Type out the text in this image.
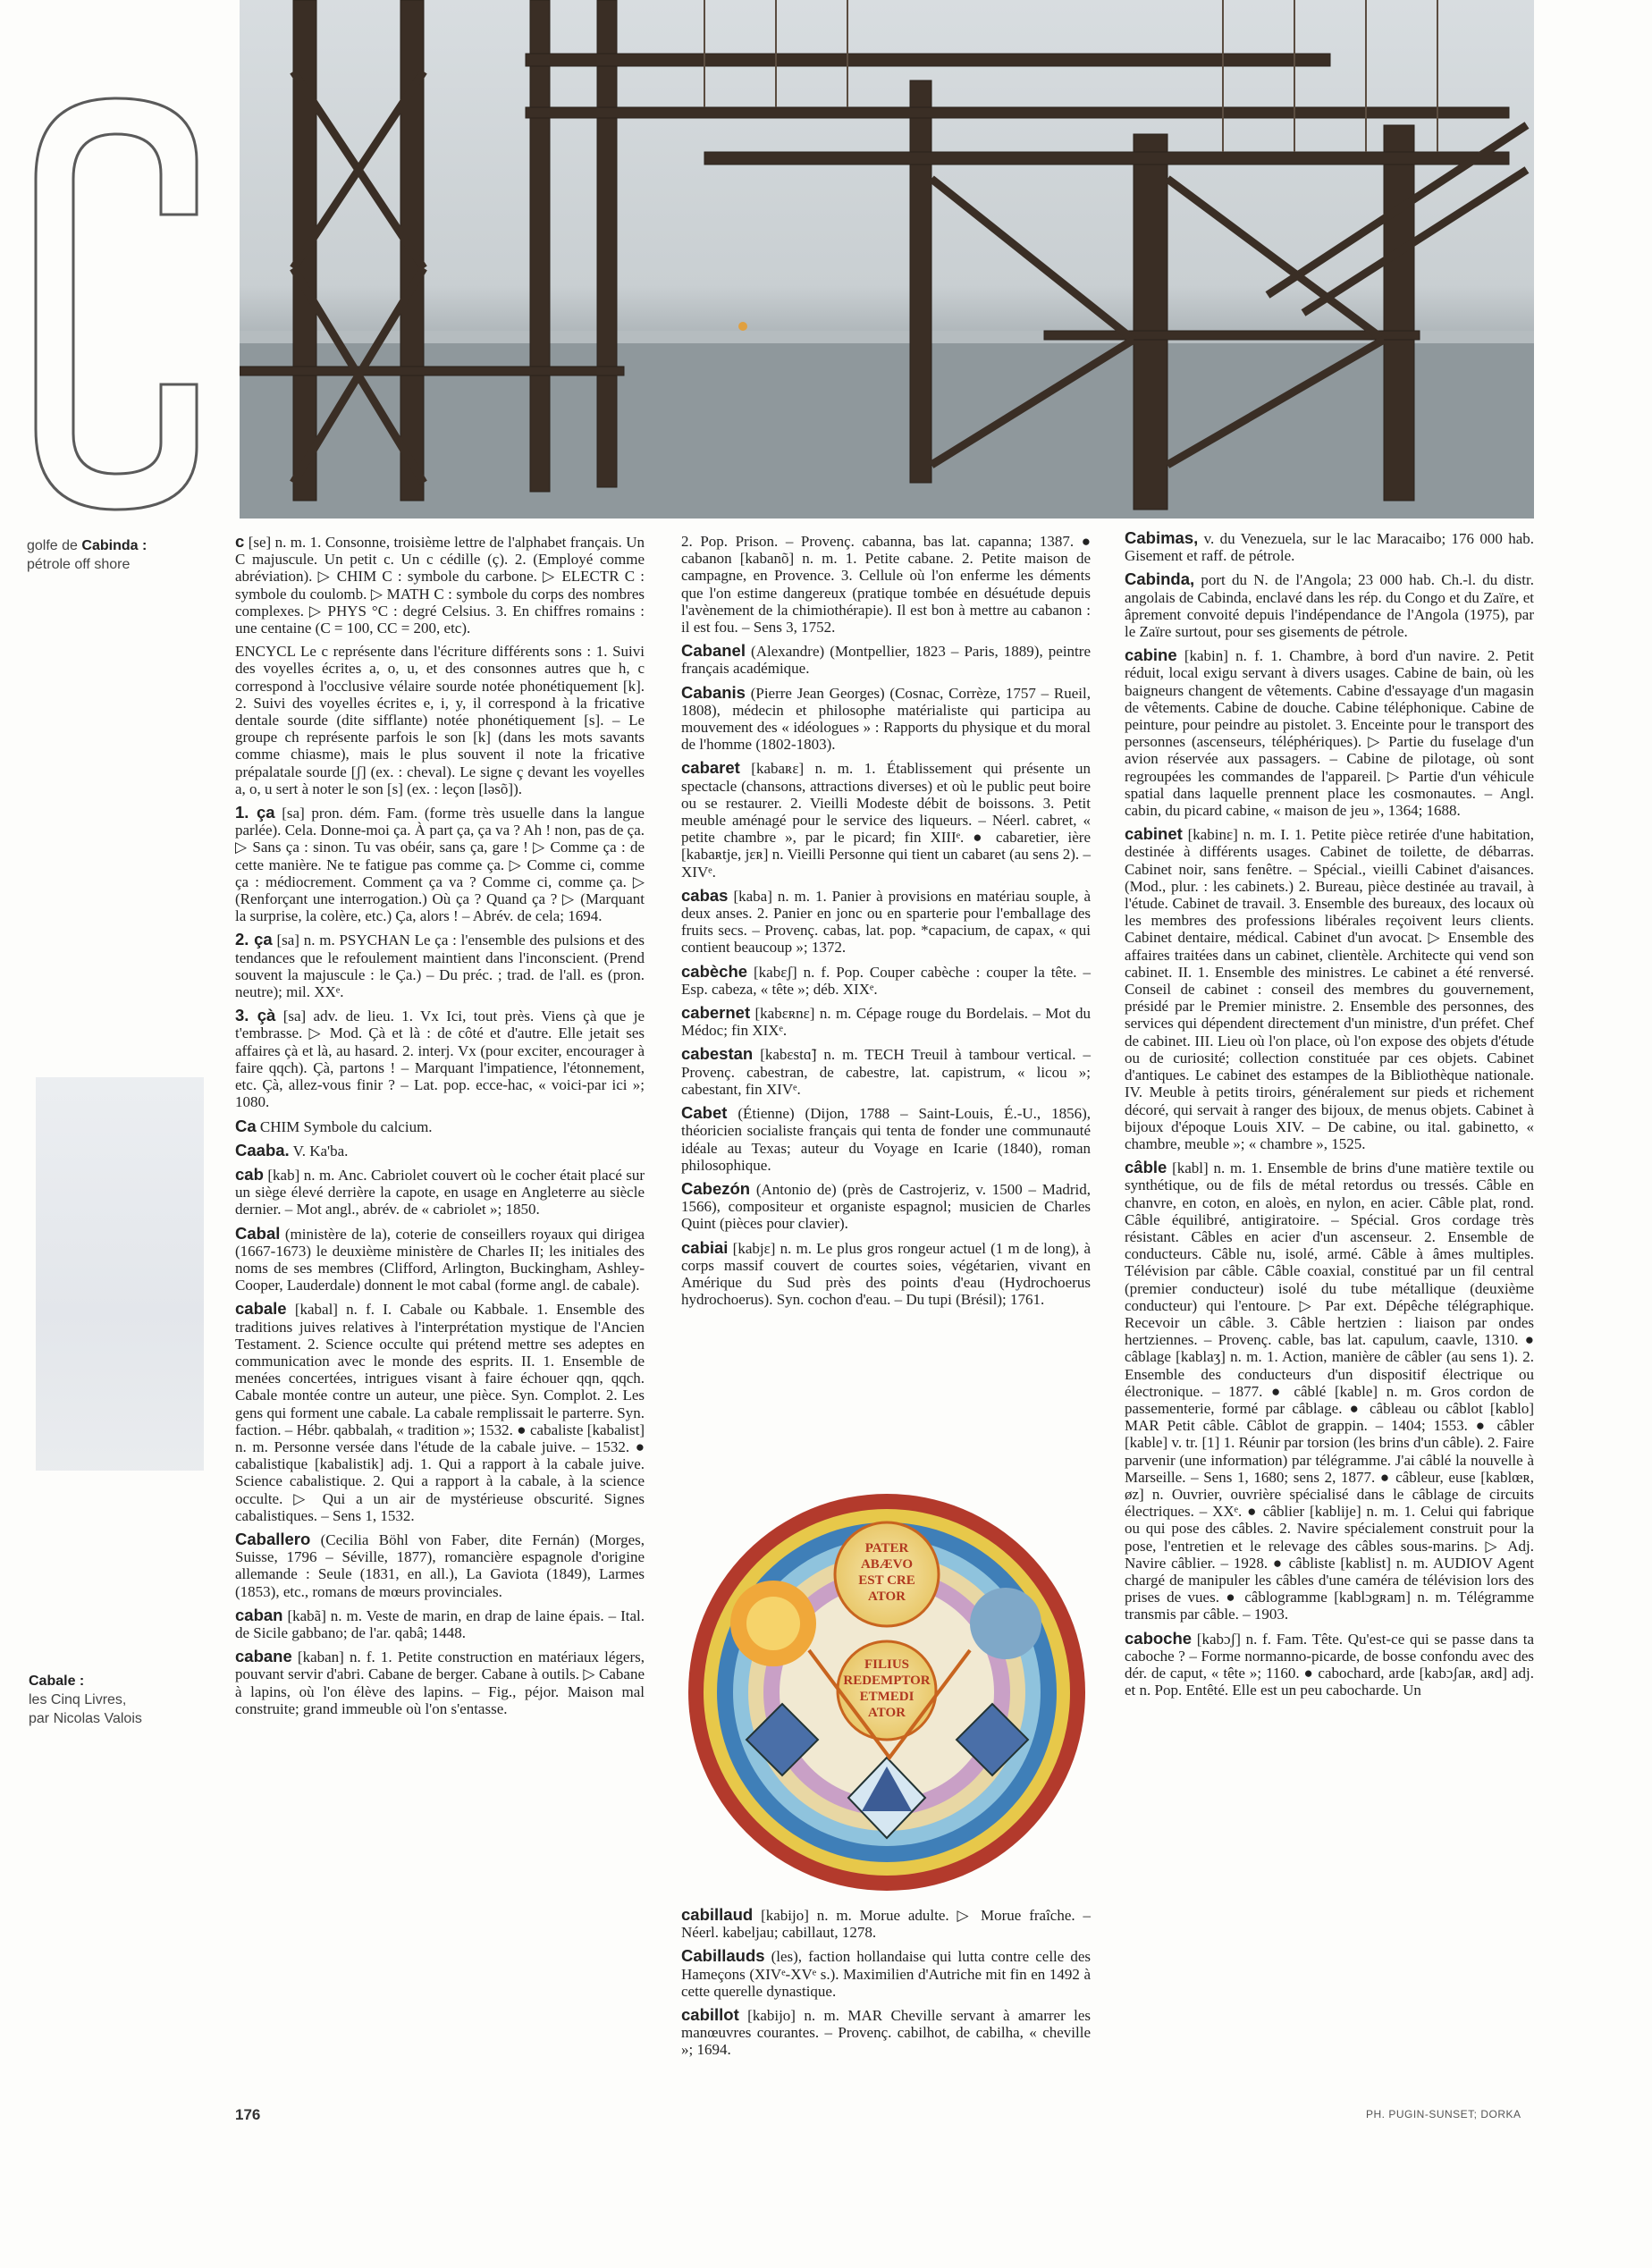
golfe de Cabinda :
pétrole off shore
Cabale :
les Cinq Livres,
par Nicolas Valois

c [se] n. m. 1. Consonne, troisième lettre de l'alphabet français. Un C majuscule. Un petit c. Un c cédille (ç). 2. (Employé comme abréviation). ▷ CHIM C : symbole du carbone. ▷ ELECTR C : symbole du coulomb. ▷ MATH C : symbole du corps des nombres complexes. ▷ PHYS °C : degré Celsius. 3. En chiffres romains : une centaine (C = 100, CC = 200, etc).

ENCYCL Le c représente dans l'écriture différents sons : 1. Suivi des voyelles écrites a, o, u, et des consonnes autres que h, c correspond à l'occlusive vélaire sourde notée phonétiquement [k]. 2. Suivi des voyelles écrites e, i, y, il correspond à la fricative dentale sourde (dite sifflante) notée phonétiquement [s]. – Le groupe ch représente parfois le son [k] (dans les mots savants comme chiasme), mais le plus souvent il note la fricative prépalatale sourde [ʃ] (ex. : cheval). Le signe ç devant les voyelles a, o, u sert à noter le son [s] (ex. : leçon [ləsõ]).

1. ça [sa] pron. dém. Fam. (forme très usuelle dans la langue parlée). Cela. Donne-moi ça. À part ça, ça va ? Ah ! non, pas de ça. ▷ Sans ça : sinon. Tu vas obéir, sans ça, gare ! ▷ Comme ça : de cette manière. Ne te fatigue pas comme ça. ▷ Comme ci, comme ça : médiocrement. Comment ça va ? Comme ci, comme ça. ▷ (Renforçant une interrogation.) Où ça ? Quand ça ? ▷ (Marquant la surprise, la colère, etc.) Ça, alors ! – Abrév. de cela; 1694.

2. ça [sa] n. m. PSYCHAN Le ça : l'ensemble des pulsions et des tendances que le refoulement maintient dans l'inconscient. (Prend souvent la majuscule : le Ça.) – Du préc. ; trad. de l'all. es (pron. neutre); mil. XXᵉ.

3. çà [sa] adv. de lieu. 1. Vx Ici, tout près. Viens çà que je t'embrasse. ▷ Mod. Çà et là : de côté et d'autre. Elle jetait ses affaires çà et là, au hasard. 2. interj. Vx (pour exciter, encourager à faire qqch). Çà, partons ! – Marquant l'impatience, l'étonnement, etc. Çà, allez-vous finir ? – Lat. pop. ecce-hac, « voici-par ici »; 1080.

Ca CHIM Symbole du calcium.

Caaba. V. Ka'ba.

cab [kab] n. m. Anc. Cabriolet couvert où le cocher était placé sur un siège élevé derrière la capote, en usage en Angleterre au siècle dernier. – Mot angl., abrév. de « cabriolet »; 1850.

Cabal (ministère de la), coterie de conseillers royaux qui dirigea (1667-1673) le deuxième ministère de Charles II; les initiales des noms de ses membres (Clifford, Arlington, Buckingham, Ashley-Cooper, Lauderdale) donnent le mot cabal (forme angl. de cabale).

cabale [kabal] n. f. I. Cabale ou Kabbale. 1. Ensemble des traditions juives relatives à l'interprétation mystique de l'Ancien Testament. 2. Science occulte qui prétend mettre ses adeptes en communication avec le monde des esprits. II. 1. Ensemble de menées concertées, intrigues visant à faire échouer qqn, qqch. Cabale montée contre un auteur, une pièce. Syn. Complot. 2. Les gens qui forment une cabale. La cabale remplissait le parterre. Syn. faction. – Hébr. qabbalah, « tradition »; 1532. ● cabaliste [kabalist] n. m. Personne versée dans l'étude de la cabale juive. – 1532. ● cabalistique [kabalistik] adj. 1. Qui a rapport à la cabale juive. Science cabalistique. 2. Qui a rapport à la cabale, à la science occulte. ▷ Qui a un air de mystérieuse obscurité. Signes cabalistiques. – Sens 1, 1532.

Caballero (Cecilia Böhl von Faber, dite Fernán) (Morges, Suisse, 1796 – Séville, 1877), romancière espagnole d'origine allemande : Seule (1831, en all.), La Gaviota (1849), Larmes (1853), etc., romans de mœurs provinciales.

caban [kabã] n. m. Veste de marin, en drap de laine épais. – Ital. de Sicile gabbano; de l'ar. qabâ; 1448.

cabane [kaban] n. f. 1. Petite construction en matériaux légers, pouvant servir d'abri. Cabane de berger. Cabane à outils. ▷ Cabane à lapins, où l'on élève des lapins. – Fig., péjor. Maison mal construite; grand immeuble où l'on s'entasse.

2. Pop. Prison. – Provenç. cabanna, bas lat. capanna; 1387. ● cabanon [kabanõ] n. m. 1. Petite cabane. 2. Petite maison de campagne, en Provence. 3. Cellule où l'on enferme les déments que l'on estime dangereux (pratique tombée en désuétude depuis l'avènement de la chimiothérapie). Il est bon à mettre au cabanon : il est fou. – Sens 3, 1752.

Cabanel (Alexandre) (Montpellier, 1823 – Paris, 1889), peintre français académique.

Cabanis (Pierre Jean Georges) (Cosnac, Corrèze, 1757 – Rueil, 1808), médecin et philosophe matérialiste qui participa au mouvement des « idéologues » : Rapports du physique et du moral de l'homme (1802-1803).

cabaret [kabaʀɛ] n. m. 1. Établissement qui présente un spectacle (chansons, attractions diverses) et où le public peut boire ou se restaurer. 2. Vieilli Modeste débit de boissons. 3. Petit meuble aménagé pour le service des liqueurs. – Néerl. cabret, « petite chambre », par le picard; fin XIIIᵉ. ● cabaretier, ière [kabaʀtje, jɛʀ] n. Vieilli Personne qui tient un cabaret (au sens 2). – XIVᵉ.

cabas [kaba] n. m. 1. Panier à provisions en matériau souple, à deux anses. 2. Panier en jonc ou en sparterie pour l'emballage des fruits secs. – Provenç. cabas, lat. pop. *capacium, de capax, « qui contient beaucoup »; 1372.

cabèche [kabɛʃ] n. f. Pop. Couper cabèche : couper la tête. – Esp. cabeza, « tête »; déb. XIXᵉ.

cabernet [kabɛʀnɛ] n. m. Cépage rouge du Bordelais. – Mot du Médoc; fin XIXᵉ.

cabestan [kabɛstɑ̃] n. m. TECH Treuil à tambour vertical. – Provenç. cabestran, de cabestre, lat. capistrum, « licou »; cabestant, fin XIVᵉ.

Cabet (Étienne) (Dijon, 1788 – Saint-Louis, É.-U., 1856), théoricien socialiste français qui tenta de fonder une communauté idéale au Texas; auteur du Voyage en Icarie (1840), roman philosophique.

Cabezón (Antonio de) (près de Castrojeriz, v. 1500 – Madrid, 1566), compositeur et organiste espagnol; musicien de Charles Quint (pièces pour clavier).

cabiai [kabjɛ] n. m. Le plus gros rongeur actuel (1 m de long), à corps massif couvert de courtes soies, végétarien, vivant en Amérique du Sud près des points d'eau (Hydrochoerus hydrochoerus). Syn. cochon d'eau. – Du tupi (Brésil); 1761.

PATER
ABÆVO
EST CRE
ATOR
FILIUS
REDEMPTOR
ETMEDI
ATOR

cabillaud [kabijo] n. m. Morue adulte. ▷ Morue fraîche. – Néerl. kabeljau; cabillaut, 1278.

Cabillauds (les), faction hollandaise qui lutta contre celle des Hameçons (XIVᵉ-XVᵉ s.). Maximilien d'Autriche mit fin en 1492 à cette querelle dynastique.

cabillot [kabijo] n. m. MAR Cheville servant à amarrer les manœuvres courantes. – Provenç. cabilhot, de cabilha, « cheville »; 1694.

Cabimas, v. du Venezuela, sur le lac Maracaibo; 176 000 hab. Gisement et raff. de pétrole.

Cabinda, port du N. de l'Angola; 23 000 hab. Ch.-l. du distr. angolais de Cabinda, enclavé dans les rép. du Congo et du Zaïre, et âprement convoité depuis l'indépendance de l'Angola (1975), par le Zaïre surtout, pour ses gisements de pétrole.

cabine [kabin] n. f. 1. Chambre, à bord d'un navire. 2. Petit réduit, local exigu servant à divers usages. Cabine de bain, où les baigneurs changent de vêtements. Cabine d'essayage d'un magasin de vêtements. Cabine de douche. Cabine téléphonique. Cabine de peinture, pour peindre au pistolet. 3. Enceinte pour le transport des personnes (ascenseurs, téléphériques). ▷ Partie du fuselage d'un avion réservée aux passagers. – Cabine de pilotage, où sont regroupées les commandes de l'appareil. ▷ Partie d'un véhicule spatial dans laquelle prennent place les cosmonautes. – Angl. cabin, du picard cabine, « maison de jeu », 1364; 1688.

cabinet [kabinɛ] n. m. I. 1. Petite pièce retirée d'une habitation, destinée à différents usages. Cabinet de toilette, de débarras. Cabinet noir, sans fenêtre. – Spécial., vieilli Cabinet d'aisances. (Mod., plur. : les cabinets.) 2. Bureau, pièce destinée au travail, à l'étude. Cabinet de travail. 3. Ensemble des bureaux, des locaux où les membres des professions libérales reçoivent leurs clients. Cabinet dentaire, médical. Cabinet d'un avocat. ▷ Ensemble des affaires traitées dans un cabinet, clientèle. Architecte qui vend son cabinet. II. 1. Ensemble des ministres. Le cabinet a été renversé. Conseil de cabinet : conseil des membres du gouvernement, présidé par le Premier ministre. 2. Ensemble des personnes, des services qui dépendent directement d'un ministre, d'un préfet. Chef de cabinet. III. Lieu où l'on place, où l'on expose des objets d'étude ou de curiosité; collection constituée par ces objets. Cabinet d'antiques. Le cabinet des estampes de la Bibliothèque nationale. IV. Meuble à petits tiroirs, généralement sur pieds et richement décoré, qui servait à ranger des bijoux, de menus objets. Cabinet à bijoux d'époque Louis XIV. – De cabine, ou ital. gabinetto, « chambre, meuble »; « chambre », 1525.

câble [kabl] n. m. 1. Ensemble de brins d'une matière textile ou synthétique, ou de fils de métal retordus ou tressés. Câble en chanvre, en coton, en aloès, en nylon, en acier. Câble plat, rond. Câble équilibré, antigiratoire. – Spécial. Gros cordage très résistant. Câbles en acier d'un ascenseur. 2. Ensemble de conducteurs. Câble nu, isolé, armé. Câble à âmes multiples. Télévision par câble. Câble coaxial, constitué par un fil central (premier conducteur) isolé du tube métallique (deuxième conducteur) qui l'entoure. ▷ Par ext. Dépêche télégraphique. Recevoir un câble. 3. Câble hertzien : liaison par ondes hertziennes. – Provenç. cable, bas lat. capulum, caavle, 1310. ● câblage [kablaʒ] n. m. 1. Action, manière de câbler (au sens 1). 2. Ensemble des conducteurs d'un dispositif électrique ou électronique. – 1877. ● câblé [kable] n. m. Gros cordon de passementerie, formé par câblage. ● câbleau ou câblot [kablo] MAR Petit câble. Câblot de grappin. – 1404; 1553. ● câbler [kable] v. tr. [1] 1. Réunir par torsion (les brins d'un câble). 2. Faire parvenir (une information) par télégramme. J'ai câblé la nouvelle à Marseille. – Sens 1, 1680; sens 2, 1877. ● câbleur, euse [kablœʀ, øz] n. Ouvrier, ouvrière spécialisé dans le câblage de circuits électriques. – XXᵉ. ● câblier [kablije] n. m. 1. Celui qui fabrique ou qui pose des câbles. 2. Navire spécialement construit pour la pose, l'entretien et le relevage des câbles sous-marins. ▷ Adj. Navire câblier. – 1928. ● câbliste [kablist] n. m. AUDIOV Agent chargé de manipuler les câbles d'une caméra de télévision lors des prises de vues. ● câblogramme [kablɔgʀam] n. m. Télégramme transmis par câble. – 1903.

caboche [kabɔʃ] n. f. Fam. Tête. Qu'est-ce qui se passe dans ta caboche ? – Forme normanno-picarde, de bosse confondu avec des dér. de caput, « tête »; 1160. ● cabochard, arde [kabɔʃaʀ, aʀd] adj. et n. Pop. Entêté. Elle est un peu cabocharde. Un

176	PH. PUGIN-SUNSET; DORKA
